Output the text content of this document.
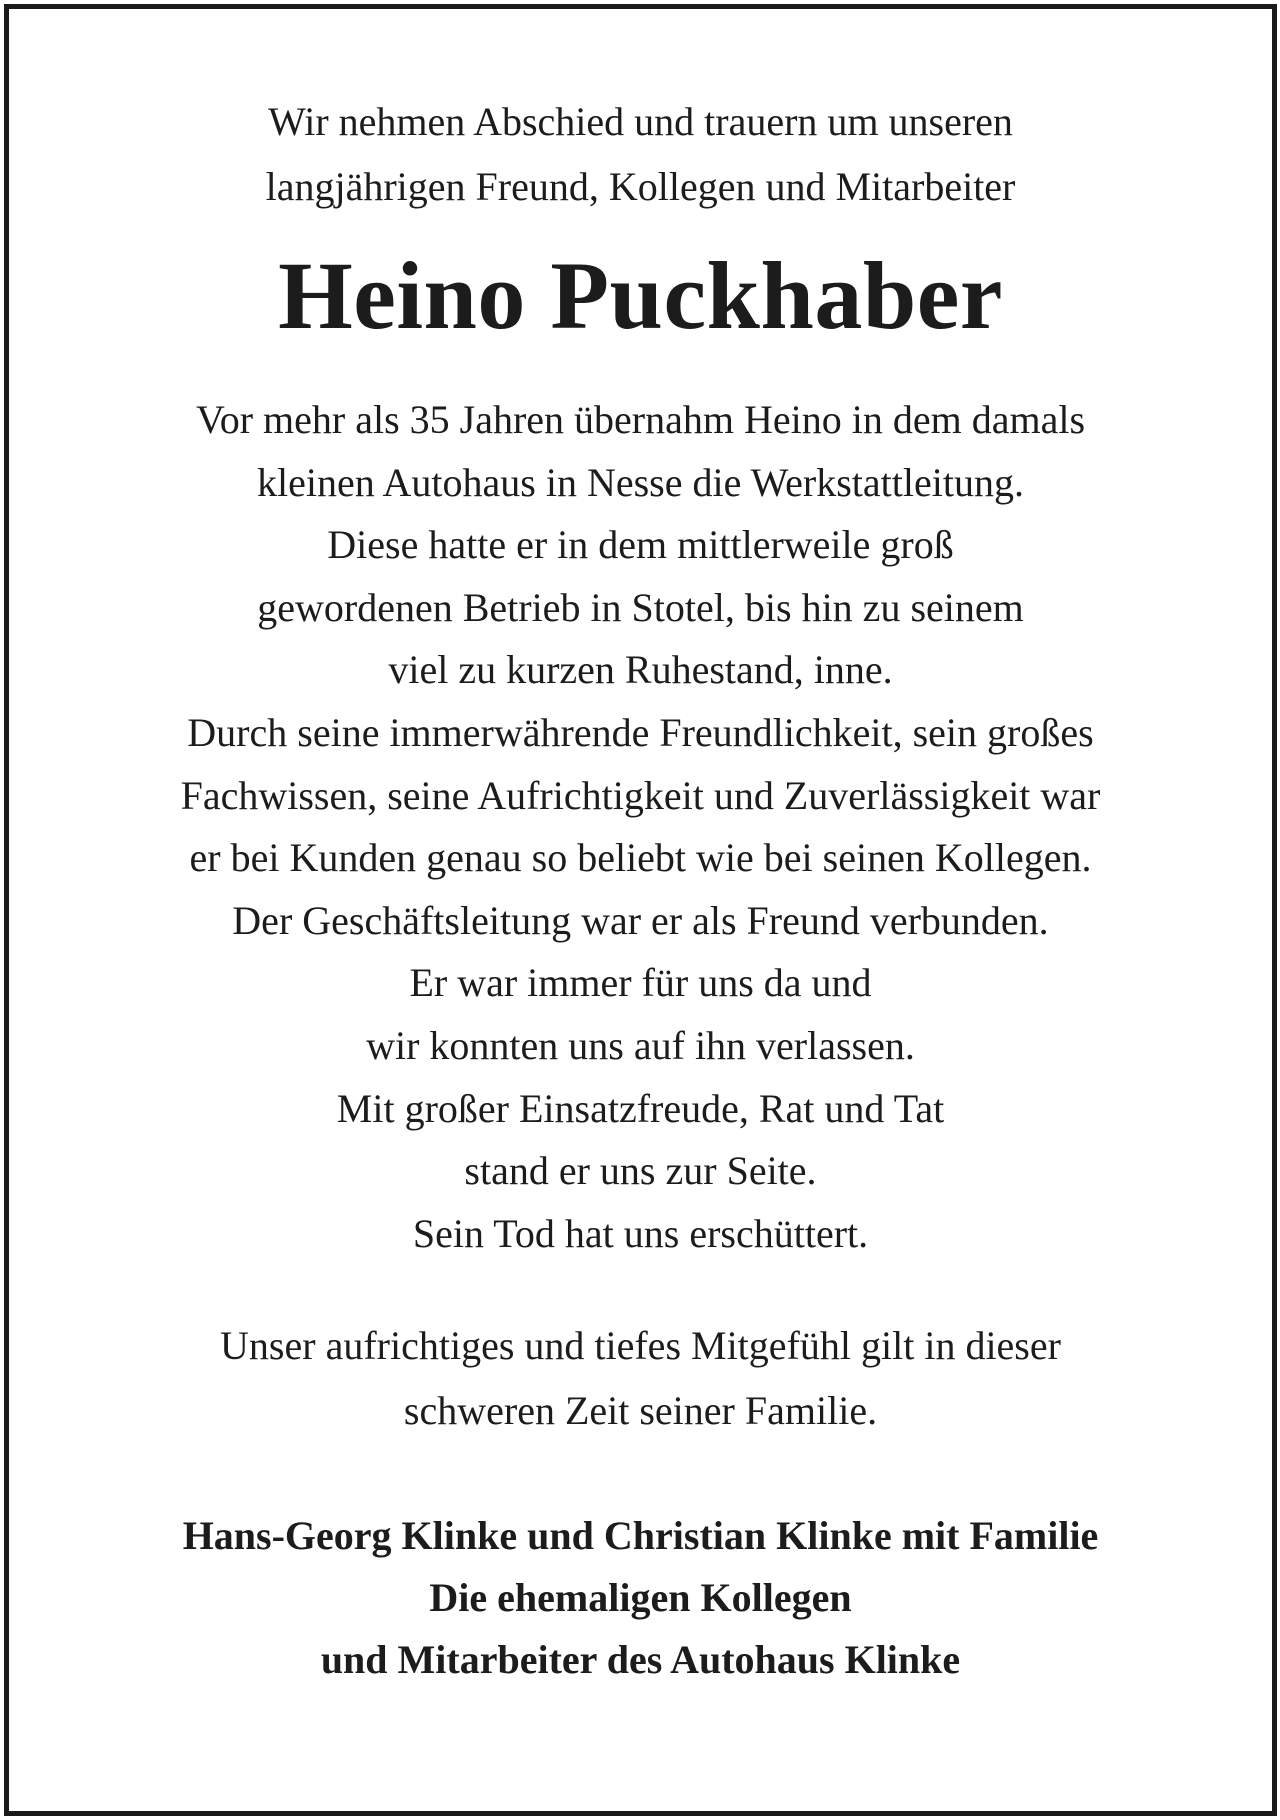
Wir nehmen Abschied und trauern um unseren
langjährigen Freund, Kollegen und Mitarbeiter
Heino Puckhaber
Vor mehr als 35 Jahren übernahm Heino in dem damals
kleinen Autohaus in Nesse die Werkstattleitung.
Diese hatte er in dem mittlerweile groß
gewordenen Betrieb in Stotel, bis hin zu seinem
viel zu kurzen Ruhestand, inne.
Durch seine immerwährende Freundlichkeit, sein großes
Fachwissen, seine Aufrichtigkeit und Zuverlässigkeit war
er bei Kunden genau so beliebt wie bei seinen Kollegen.
Der Geschäftsleitung war er als Freund verbunden.
Er war immer für uns da und
wir konnten uns auf ihn verlassen.
Mit großer Einsatzfreude, Rat und Tat
stand er uns zur Seite.
Sein Tod hat uns erschüttert.
Unser aufrichtiges und tiefes Mitgefühl gilt in dieser
schweren Zeit seiner Familie.
Hans-Georg Klinke und Christian Klinke mit Familie
Die ehemaligen Kollegen
und Mitarbeiter des Autohaus Klinke
